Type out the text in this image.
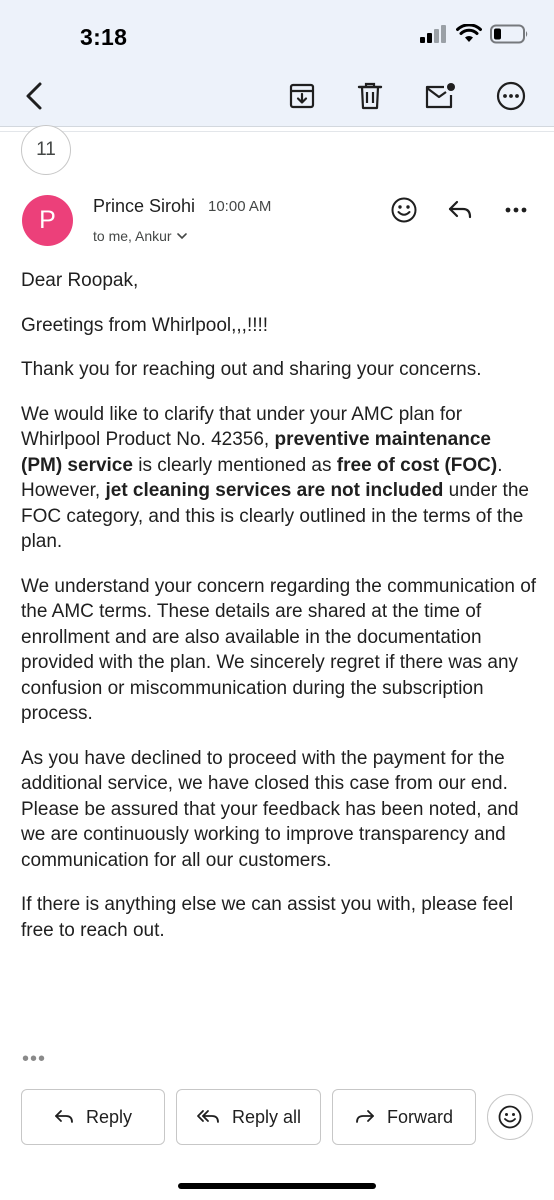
3:18
11
P	Prince Sirohi 10:00 AM
to me, Ankur

Dear Roopak,

Greetings from Whirlpool,,,!!!!

Thank you for reaching out and sharing your concerns.

We would like to clarify that under your AMC plan for Whirlpool Product No. 42356, preventive maintenance (PM) service is clearly mentioned as free of cost (FOC). However, jet cleaning services are not included under the FOC category, and this is clearly outlined in the terms of the plan.

We understand your concern regarding the communication of the AMC terms. These details are shared at the time of enrollment and are also available in the documentation provided with the plan. We sincerely regret if there was any confusion or miscommunication during the subscription process.

As you have declined to proceed with the payment for the additional service, we have closed this case from our end. Please be assured that your feedback has been noted, and we are continuously working to improve transparency and communication for all our customers.

If there is anything else we can assist you with, please feel free to reach out.

•••
Reply	Reply all	Forward
